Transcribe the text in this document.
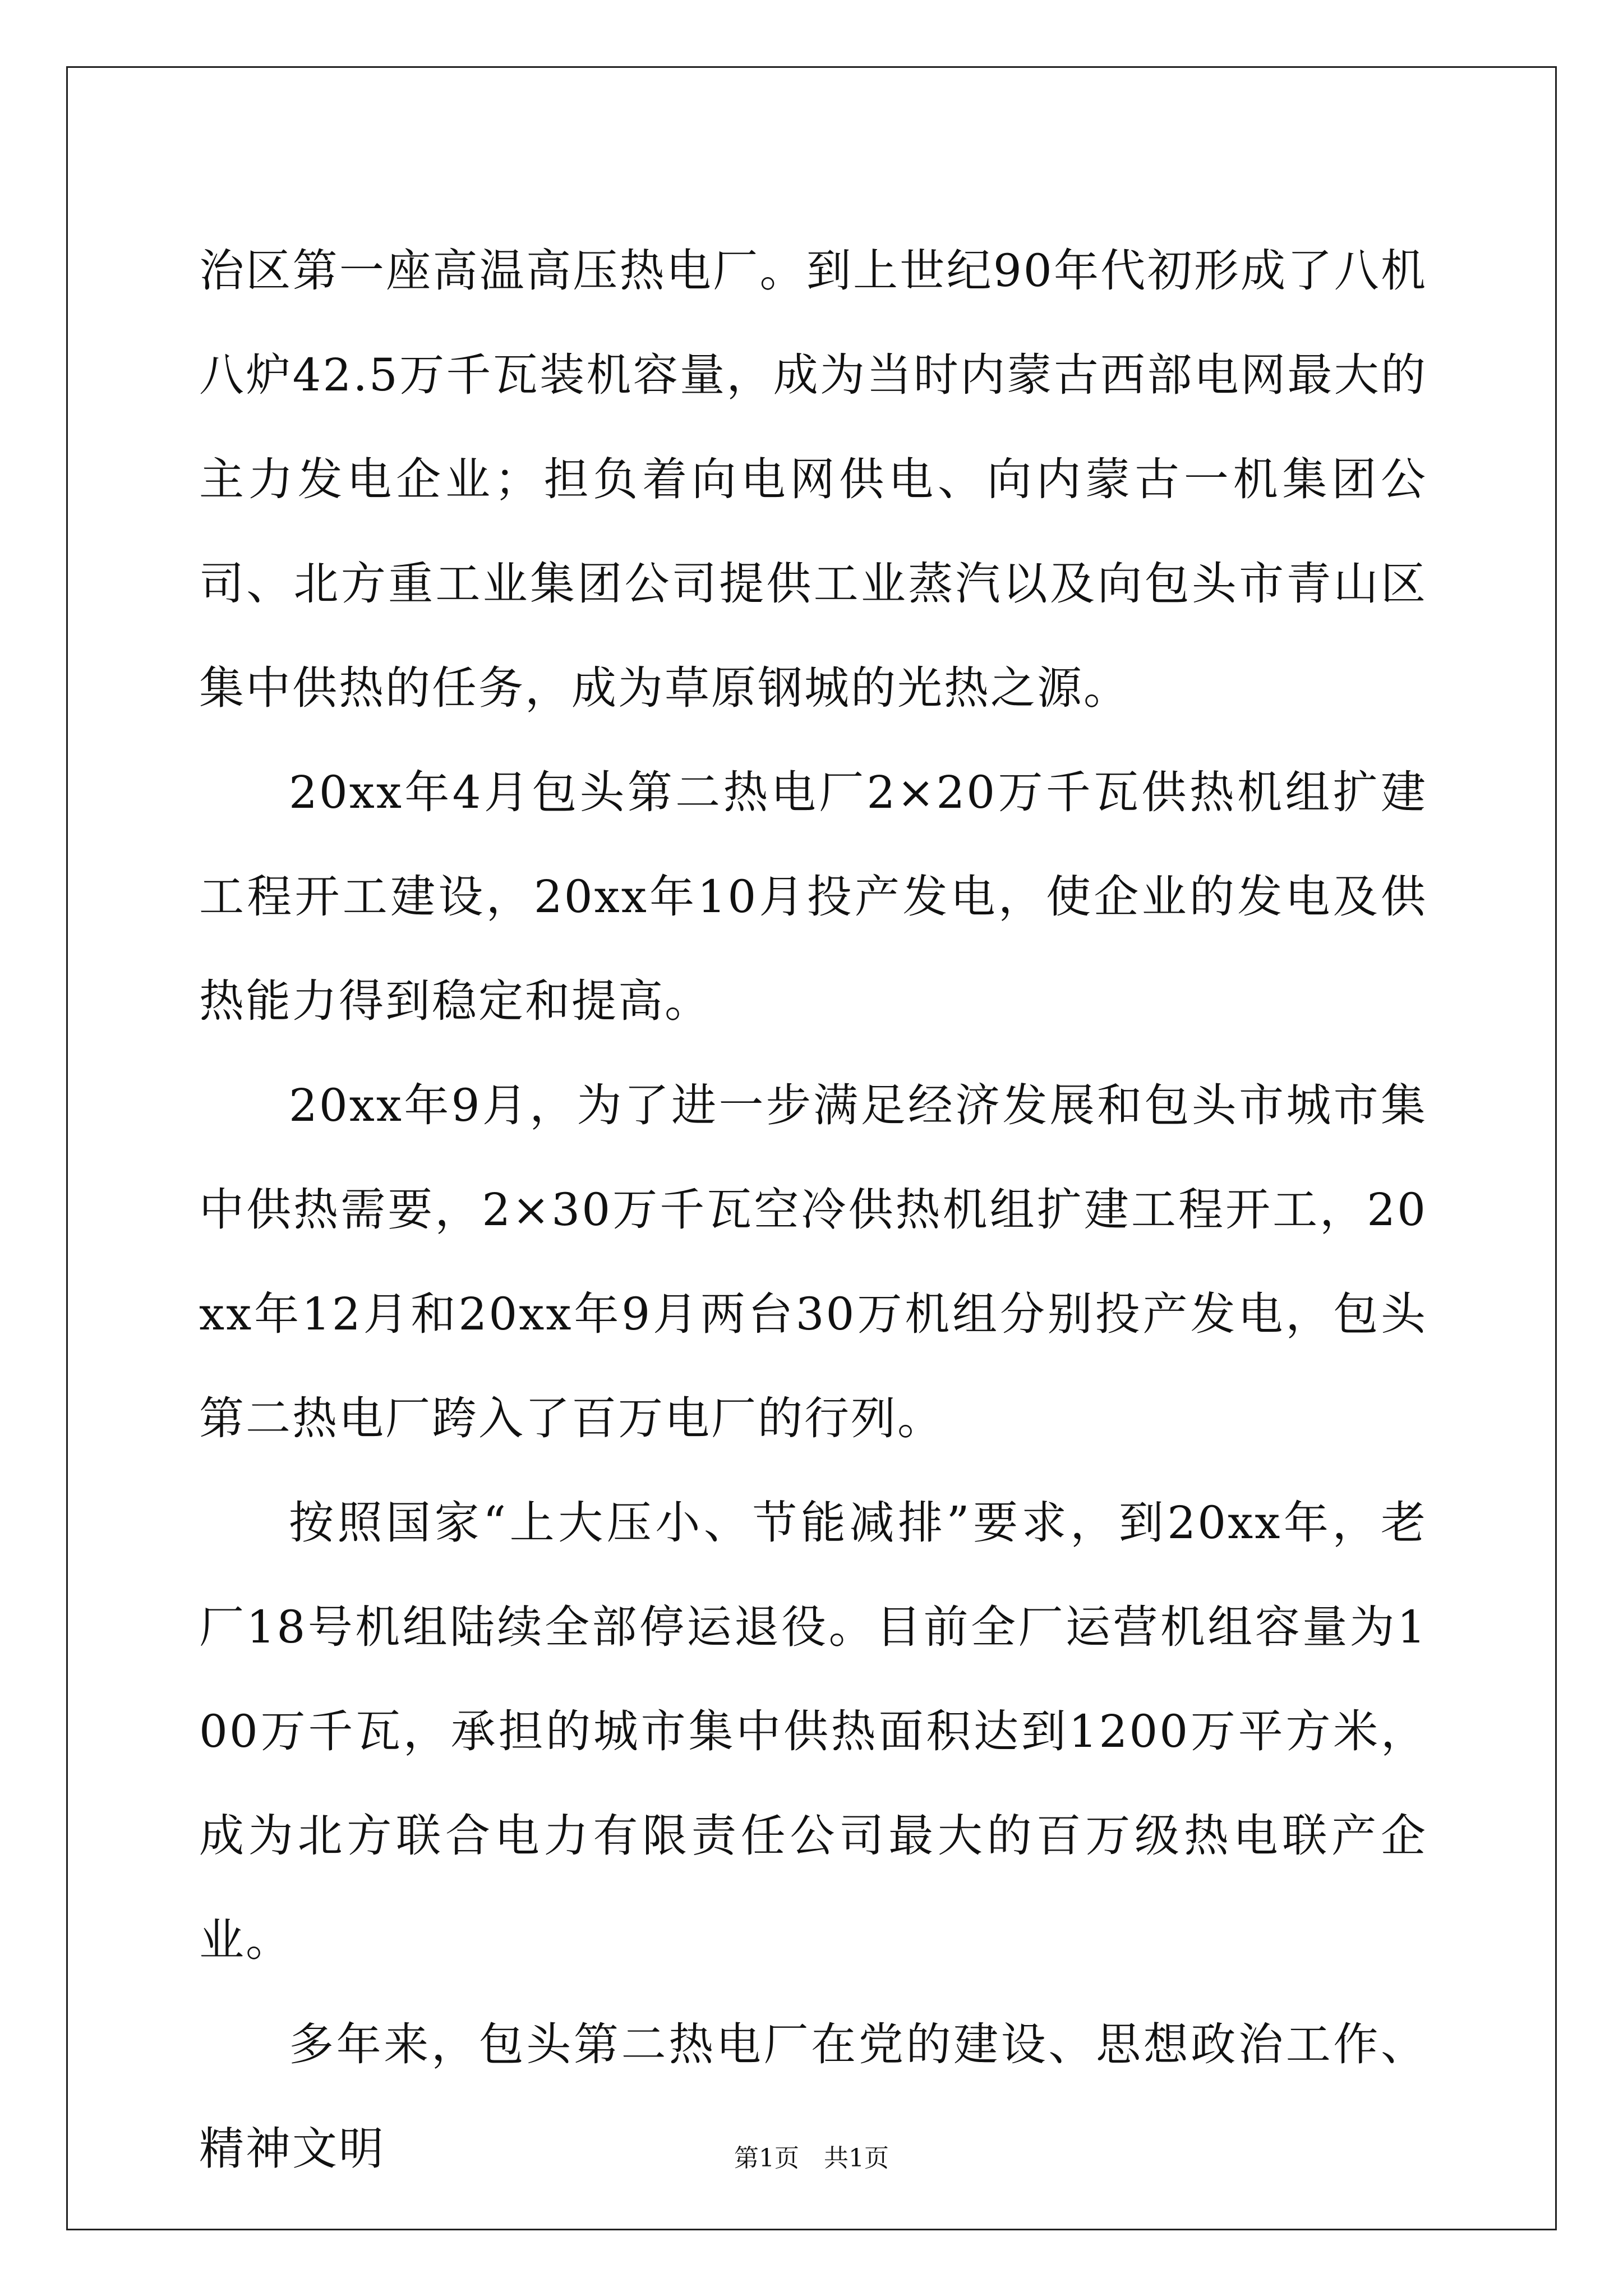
治区第一座高温高压热电厂。到上世纪90年代初形成了八机八炉42.5万千瓦装机容量，成为当时内蒙古西部电网最大的主力发电企业；担负着向电网供电、向内蒙古一机集团公司、北方重工业集团公司提供工业蒸汽以及向包头市青山区集中供热的任务，成为草原钢城的光热之源。

20xx年4月包头第二热电厂2×20万千瓦供热机组扩建工程开工建设，20xx年10月投产发电，使企业的发电及供热能力得到稳定和提高。

20xx年9月，为了进一步满足经济发展和包头市城市集中供热需要，2×30万千瓦空冷供热机组扩建工程开工，20xx年12月和20xx年9月两台30万机组分别投产发电，包头第二热电厂跨入了百万电厂的行列。

按照国家“上大压小、节能减排”要求，到20xx年，老厂18号机组陆续全部停运退役。目前全厂运营机组容量为100万千瓦，承担的城市集中供热面积达到1200万平方米，成为北方联合电力有限责任公司最大的百万级热电联产企业。

多年来，包头第二热电厂在党的建设、思想政治工作、精神文明	第1页　共1页
